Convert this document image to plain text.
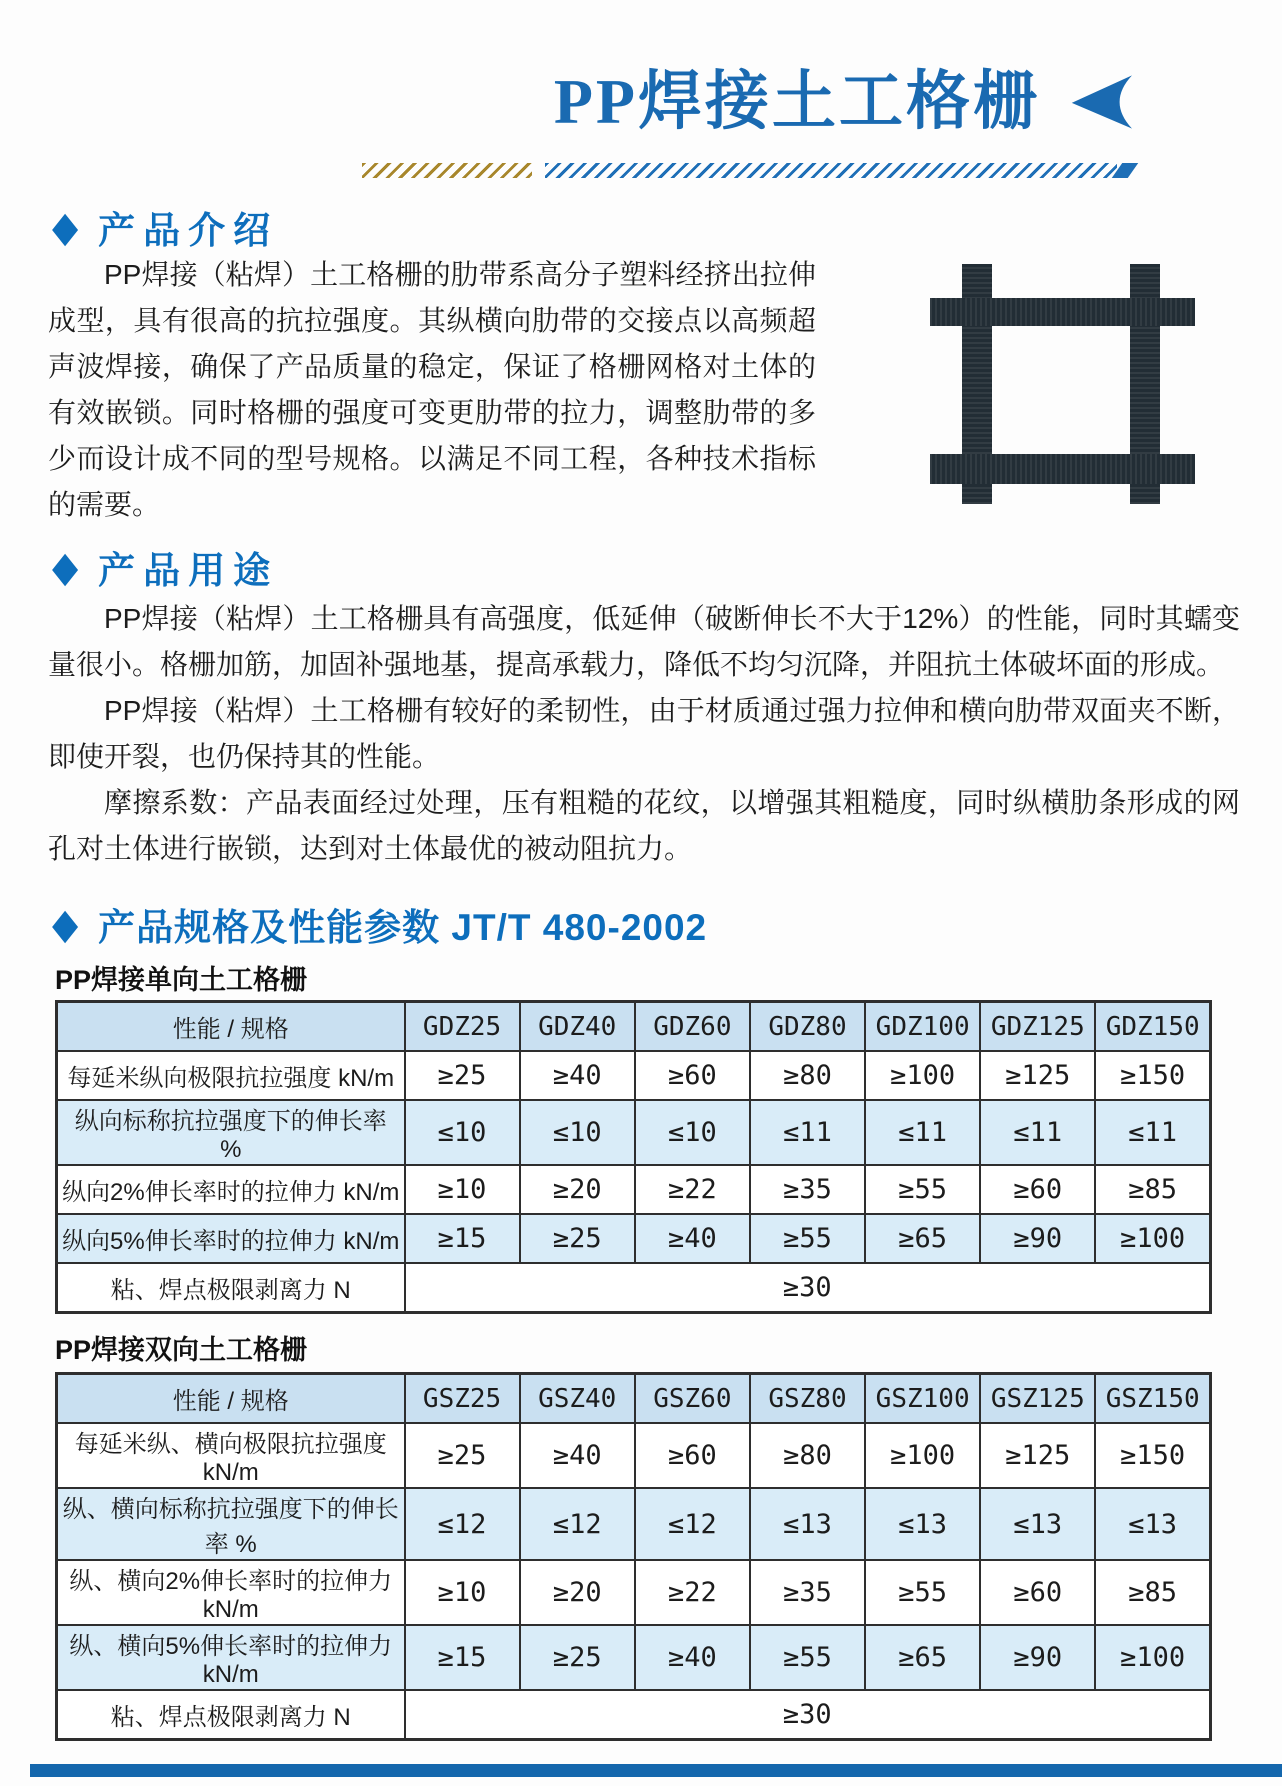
PP焊接土工格栅
◆ 产品介绍

PP焊接（粘焊）土工格栅的肋带系高分子塑料经挤出拉伸成型，具有很高的抗拉强度。其纵横向肋带的交接点以高频超声波焊接，确保了产品质量的稳定，保证了格栅网格对土体的有效嵌锁。同时格栅的强度可变更肋带的拉力，调整肋带的多少而设计成不同的型号规格。以满足不同工程，各种技术指标的需要。

◆ 产品用途

PP焊接（粘焊）土工格栅具有高强度，低延伸（破断伸长不大于12%）的性能，同时其蠕变量很小。格栅加筋，加固补强地基，提高承载力，降低不均匀沉降，并阻抗土体破坏面的形成。

PP焊接（粘焊）土工格栅有较好的柔韧性，由于材质通过强力拉伸和横向肋带双面夹不断，即使开裂，也仍保持其的性能。

摩擦系数：产品表面经过处理，压有粗糙的花纹，以增强其粗糙度，同时纵横肋条形成的网孔对土体进行嵌锁，达到对土体最优的被动阻抗力。

◆ 产品规格及性能参数 JT/T 480-2002
PP焊接单向土工格栅
性能 / 规格	GDZ25	GDZ40	GDZ60	GDZ80	GDZ100	GDZ125	GDZ150
每延米纵向极限抗拉强度 kN/m	≥25	≥40	≥60	≥80	≥100	≥125	≥150
纵向标称抗拉强度下的伸长率 %	≤10	≤10	≤10	≤11	≤11	≤11	≤11
纵向2%伸长率时的拉伸力 kN/m	≥10	≥20	≥22	≥35	≥55	≥60	≥85
纵向5%伸长率时的拉伸力 kN/m	≥15	≥25	≥40	≥55	≥65	≥90	≥100
粘、焊点极限剥离力 N	≥30						
PP焊接双向土工格栅
性能 / 规格	GSZ25	GSZ40	GSZ60	GSZ80	GSZ100	GSZ125	GSZ150
每延米纵、横向极限抗拉强度 kN/m	≥25	≥40	≥60	≥80	≥100	≥125	≥150
纵、横向标称抗拉强度下的伸长率 %	≤12	≤12	≤12	≤13	≤13	≤13	≤13
纵、横向2%伸长率时的拉伸力 kN/m	≥10	≥20	≥22	≥35	≥55	≥60	≥85
纵、横向5%伸长率时的拉伸力 kN/m	≥15	≥25	≥40	≥55	≥65	≥90	≥100
粘、焊点极限剥离力 N	≥30						
